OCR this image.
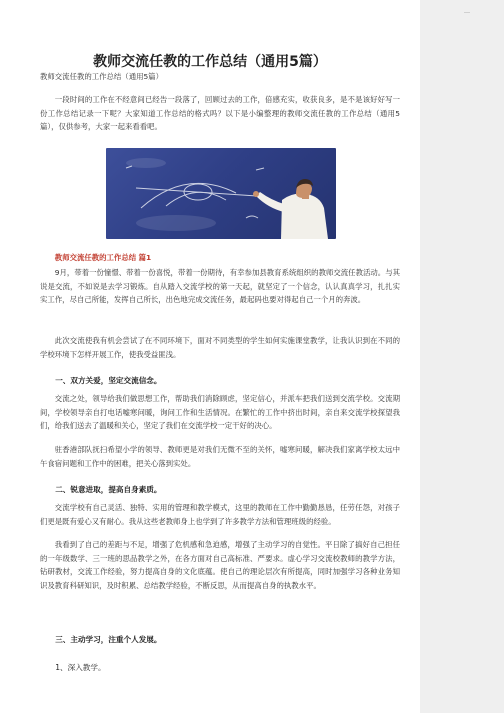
教师交流任教的工作总结（通用5篇）
教师交流任教的工作总结（通用5篇）

一段时间的工作在不经意间已经告一段落了，回顾过去的工作，倍感充实，收获良多，是不是该好好写一份工作总结记录一下呢？大家知道工作总结的格式吗？以下是小编整理的教师交流任教的工作总结（通用5篇），仅供参考，大家一起来看看吧。

教师交流任教的工作总结 篇1

9月，带着一份憧憬、带着一份喜悦，带着一份期待，有幸参加县教育系统组织的教师交流任教活动。与其说是交流，不如说是去学习锻炼。自从踏入交流学校的第一天起，就坚定了一个信念，认认真真学习，扎扎实实工作，尽自己所能，发挥自己所长，出色地完成交流任务，最起码也要对得起自己一个月的奔波。

此次交流使我有机会尝试了在不同环境下，面对不同类型的学生如何实施课堂教学，让我认识到在不同的学校环境下怎样开展工作，使我受益匪浅。

一、双方关爱，坚定交流信念。

交流之处，领导给我们做思想工作，帮助我们消除顾虑，坚定信心，并派车把我们送到交流学校。交流期间，学校领导亲自打电话嘘寒问暖，询问工作和生活情况。在繁忙的工作中挤出时间，亲自来交流学校探望我们，给我们送去了温暖和关心，坚定了我们在交流学校一定干好的决心。

驻香港部队抚扫希望小学的领导、教师更是对我们无微不至的关怀，嘘寒问暖，解决我们家离学校太远中午食宿问题和工作中的困难，把关心落到实处。

二、锐意进取，提高自身素质。

交流学校有自己灵活、独特、实用的管理和教学模式，这里的教师在工作中勤勤恳恳，任劳任怨，对孩子们更是既有爱心又有耐心。我从这些老教师身上也学到了许多教学方法和管理班级的经验。

我看到了自己的差距与不足，增强了危机感和急迫感，增强了主动学习的自觉性。平日除了搞好自己担任的一年级数学、三一班的思品教学之外，在各方面对自己高标准、严要求。虚心学习交流校教师的教学方法，钻研教材，交流工作经验，努力提高自身的文化底蕴。使自己的理论层次有所提高，同时加强学习各种业务知识及教育科研知识，及时积累、总结教学经验，不断反思，从而提高自身的执教水平。

三、主动学习，注重个人发展。
1、深入教学。
